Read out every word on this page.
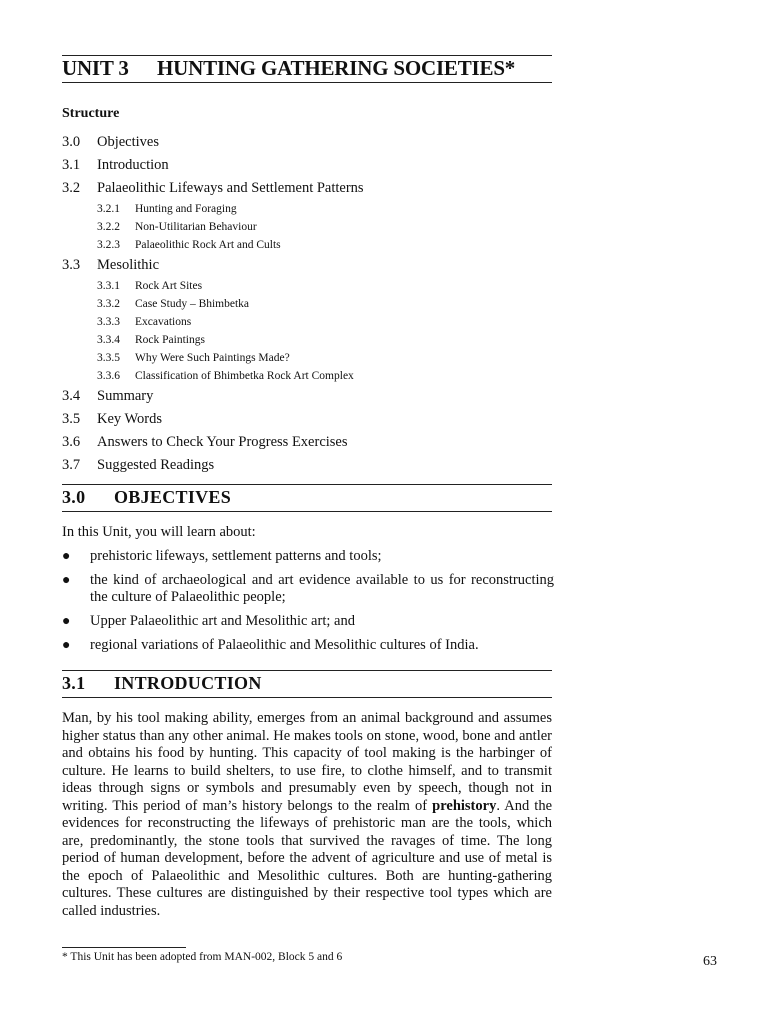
UNIT 3 HUNTING GATHERING SOCIETIES*
Structure
3.0 Objectives
3.1 Introduction
3.2 Palaeolithic Lifeways and Settlement Patterns
3.2.1 Hunting and Foraging
3.2.2 Non-Utilitarian Behaviour
3.2.3 Palaeolithic Rock Art and Cults
3.3 Mesolithic
3.3.1 Rock Art Sites
3.3.2 Case Study – Bhimbetka
3.3.3 Excavations
3.3.4 Rock Paintings
3.3.5 Why Were Such Paintings Made?
3.3.6 Classification of Bhimbetka Rock Art Complex
3.4 Summary
3.5 Key Words
3.6 Answers to Check Your Progress Exercises
3.7 Suggested Readings
3.0 OBJECTIVES
In this Unit, you will learn about:
● prehistoric lifeways, settlement patterns and tools;
● the kind of archaeological and art evidence available to us for reconstructing the culture of Palaeolithic people;
● Upper Palaeolithic art and Mesolithic art; and
● regional variations of Palaeolithic and Mesolithic cultures of India.
3.1 INTRODUCTION
Man, by his tool making ability, emerges from an animal background and assumes higher status than any other animal. He makes tools on stone, wood, bone and antler and obtains his food by hunting. This capacity of tool making is the harbinger of culture. He learns to build shelters, to use fire, to clothe himself, and to transmit ideas through signs or symbols and presumably even by speech, though not in writing. This period of man’s history belongs to the realm of prehistory. And the evidences for reconstructing the lifeways of prehistoric man are the tools, which are, predominantly, the stone tools that survived the ravages of time. The long period of human development, before the advent of agriculture and use of metal is the epoch of Palaeolithic and Mesolithic cultures. Both are hunting-gathering cultures. These cultures are distinguished by their respective tool types which are called industries.
* This Unit has been adopted from MAN-002, Block 5 and 6	63
